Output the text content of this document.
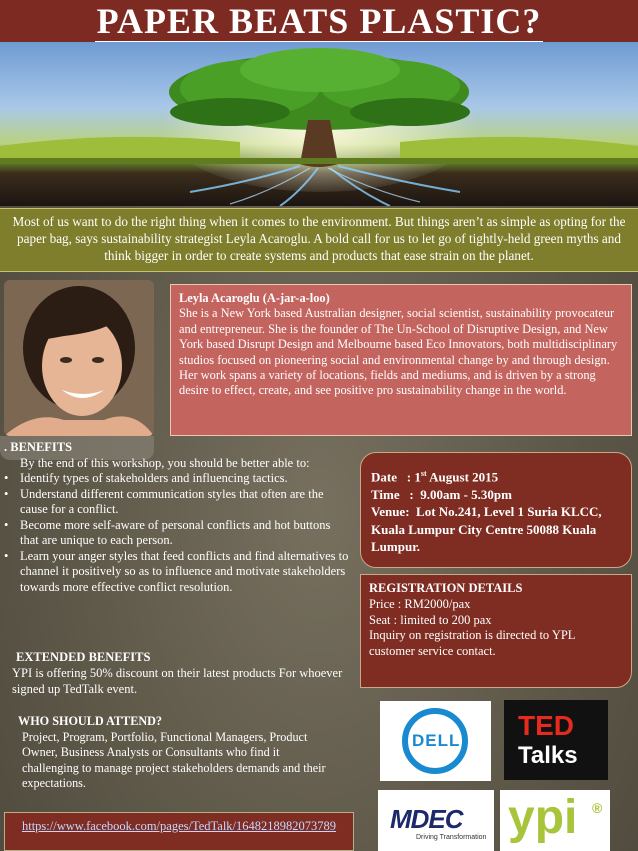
PAPER BEATS PLASTIC?
Most of us want to do the right thing when it comes to the environment. But things aren’t as simple as opting for the paper bag, says sustainability strategist Leyla Acaroglu. A bold call for us to let go of tightly-held green myths and think bigger in order to create systems and products that ease strain on the planet.
Leyla Acaroglu (A-jar-a-loo)
She is a New York based Australian designer, social scientist, sustainability provocateur and entrepreneur. She is the founder of The Un-School of Disruptive Design, and New York based Disrupt Design and Melbourne based Eco Innovators, both multidisciplinary studios focused on pioneering social and environmental change by and through design. Her work spans a variety of locations, fields and mediums, and is driven by a strong desire to effect, create, and see positive pro sustainability change in the world.
. BENEFITS
By the end of this workshop, you should be better able to:
• Identify types of stakeholders and influencing tactics.
• Understand different communication styles that often are the cause for a conflict.
• Become more self-aware of personal conflicts and hot buttons that are unique to each person.
• Learn your anger styles that feed conflicts and find alternatives to channel it positively so as to influence and motivate stakeholders towards more effective conflict resolution.
Date   : 1st August 2015
Time   :  9.00am - 5.30pm
Venue: Lot No.241, Level 1 Suria KLCC, Kuala Lumpur City Centre 50088 Kuala Lumpur.
REGISTRATION DETAILS
Price : RM2000/pax
Seat : limited to 200 pax
Inquiry on registration is directed to YPL customer service contact.
EXTENDED BENEFITS
YPI is offering 50% discount on their latest products For whoever signed up TedTalk event.
WHO SHOULD ATTEND?
Project, Program, Portfolio, Functional Managers, Product Owner, Business Analysts or Consultants who find it challenging to manage project stakeholders demands and their expectations.
https://www.facebook.com/pages/TedTalk/1648218982073789
DELL TED
Talks
MDEC
Driving Transformation ypi ®
